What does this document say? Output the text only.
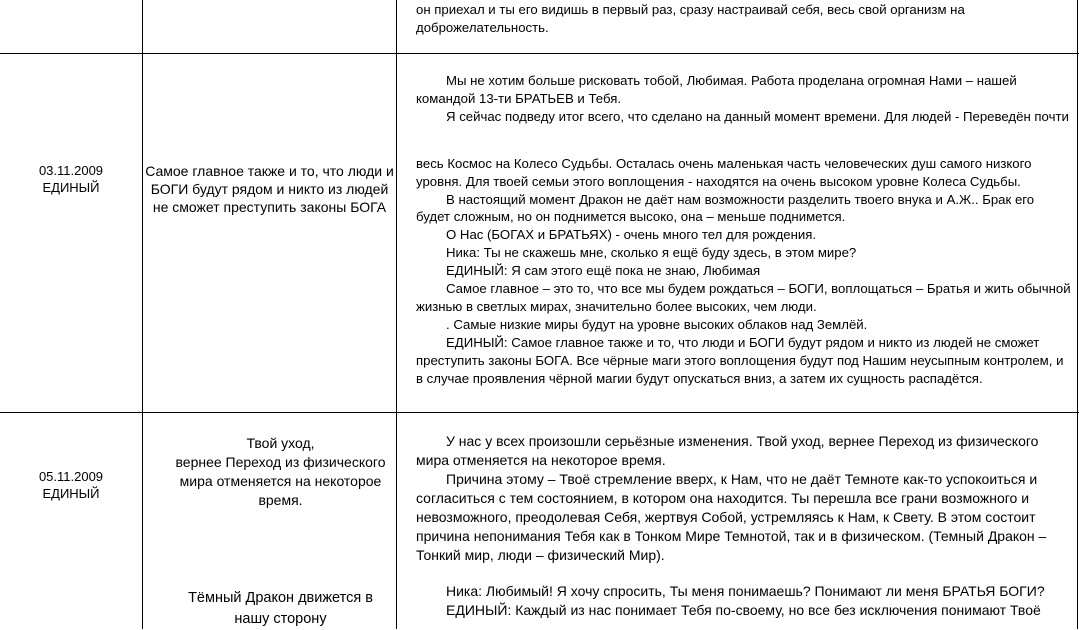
он приехал и ты его видишь в первый раз, сразу настраивай себя, весь свой организм на

доброжелательность.

03.11.2009
ЕДИНЫЙ
Самое главное также и то, что люди и
БОГИ будут рядом и никто из людей
не сможет преступить законы БОГА

Мы не хотим больше рисковать тобой, Любимая. Работа проделана огромная Нами – нашей командой 13-ти БРАТЬЕВ и Тебя.

Я сейчас подведу итог всего, что сделано на данный момент времени. Для людей - Переведён почти

весь Космос на Колесо Судьбы. Осталась очень маленькая часть человеческих душ самого низкого уровня. Для твоей семьи этого воплощения - находятся на очень высоком уровне Колеса Судьбы.

В настоящий момент Дракон не даёт нам возможности разделить твоего внука и А.Ж.. Брак его будет сложным, но он поднимется высоко, она – меньше поднимется.

О Нас (БОГАХ и БРАТЬЯХ) - очень много тел для рождения.

Ника: Ты не скажешь мне, сколько я ещё буду здесь, в этом мире?

ЕДИНЫЙ: Я сам этого ещё пока не знаю, Любимая

Самое главное – это то, что все мы будем рождаться – БОГИ, воплощаться – Братья и жить обычной жизнью в светлых мирах, значительно более высоких, чем люди.

. Самые низкие миры будут на уровне высоких облаков над Землёй.

ЕДИНЫЙ: Самое главное также и то, что люди и БОГИ будут рядом и никто из людей не сможет преступить законы БОГА. Все чёрные маги этого воплощения будут под Нашим неусыпным контролем, и в случае проявления чёрной магии будут опускаться вниз, а затем их сущность распадётся.

05.11.2009
ЕДИНЫЙ
Твой уход,
вернее Переход из физического
мира отменяется на некоторое
время.
Тёмный Дракон движется в
нашу сторону

У нас у всех произошли серьёзные изменения. Твой уход, вернее Переход из физического мира отменяется на некоторое время.

Причина этому – Твоё стремление вверх, к Нам, что не даёт Темноте как-то успокоиться и согласиться с тем состоянием, в котором она находится. Ты перешла все грани возможного и невозможного, преодолевая Себя, жертвуя Собой, устремляясь к Нам, к Свету. В этом состоит причина непонимания Тебя как в Тонком Мире Темнотой, так и в физическом. (Темный Дракон – Тонкий мир, люди – физический Мир).

Ника: Любимый! Я хочу спросить, Ты меня понимаешь? Понимают ли меня БРАТЬЯ БОГИ?

ЕДИНЫЙ: Каждый из нас понимает Тебя по-своему, но все без исключения понимают Твоё
